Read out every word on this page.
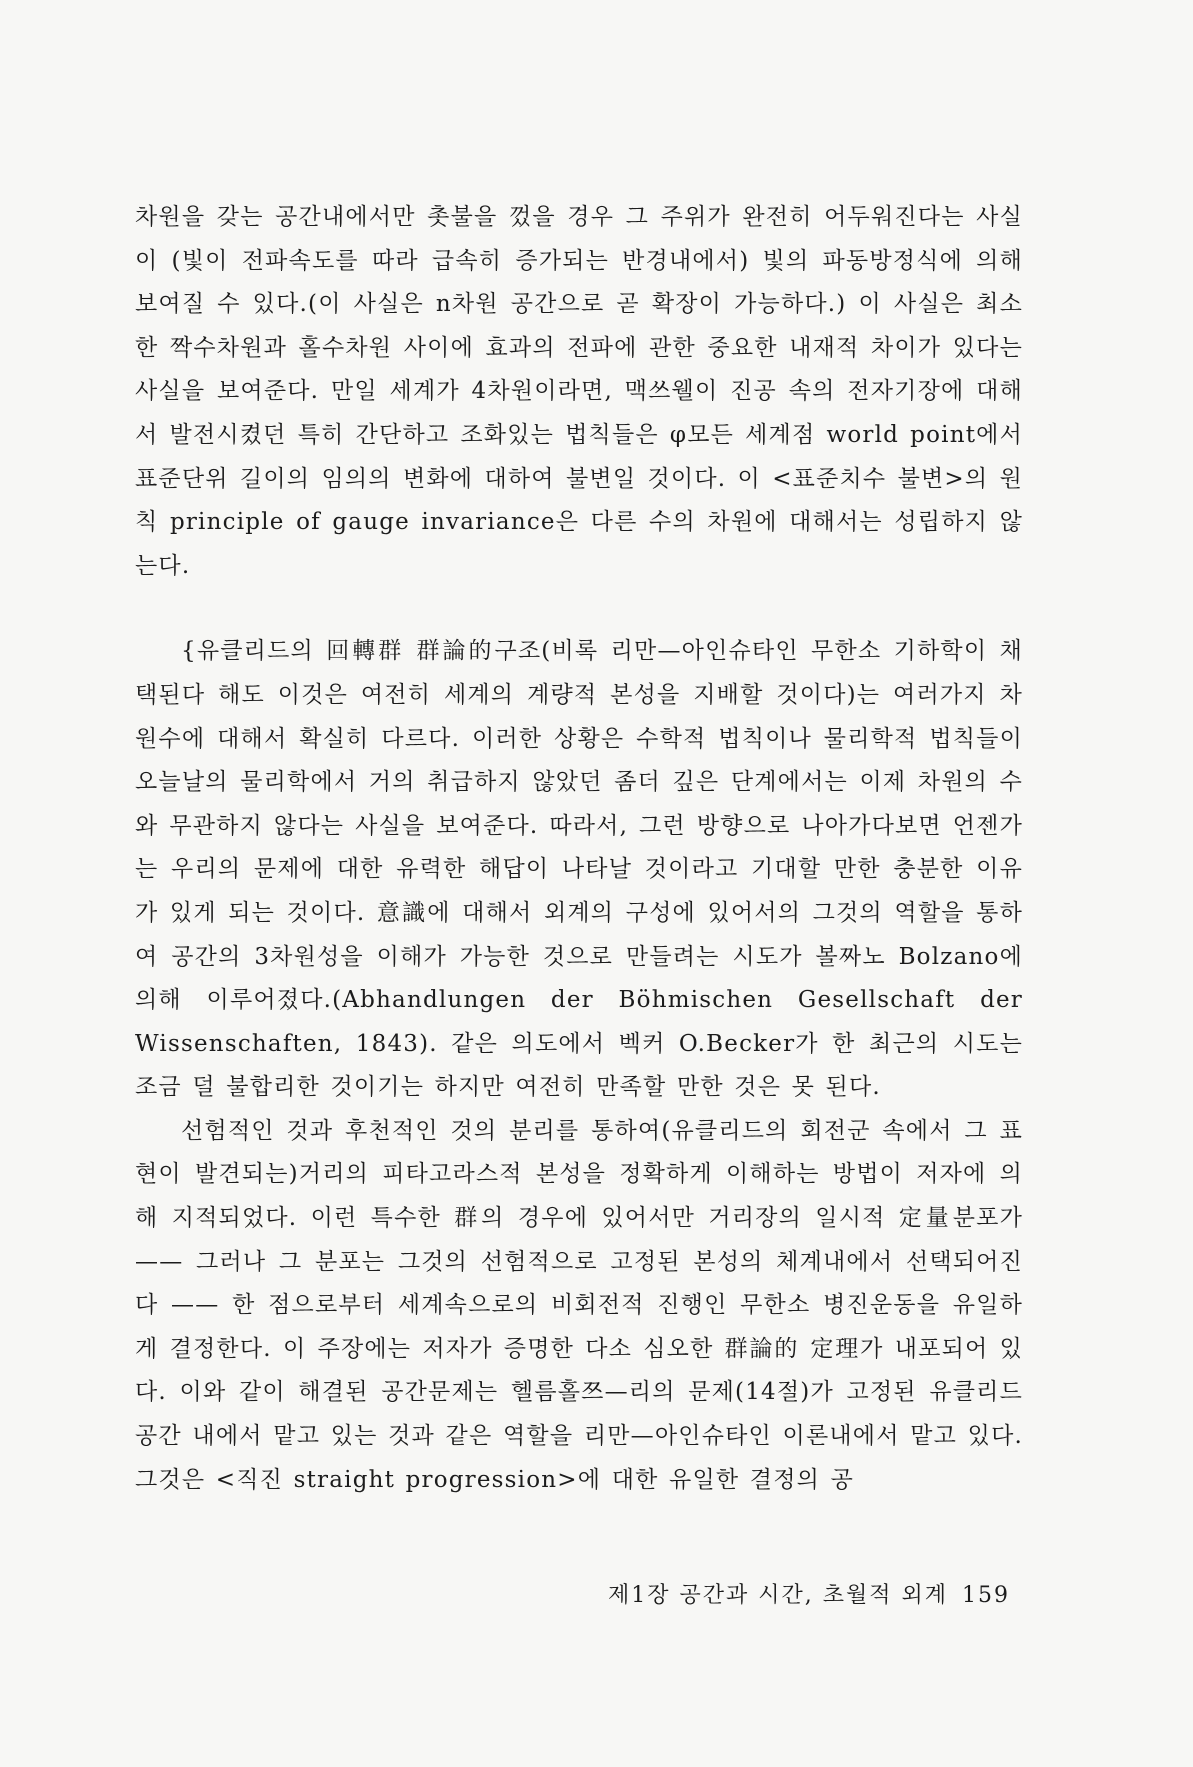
차원을 갖는 공간내에서만 촛불을 껐을 경우 그 주위가 완전히 어두워진다는 사실이 (빛이 전파속도를 따라 급속히 증가되는 반경내에서) 빛의 파동방정식에 의해 보여질 수 있다.(이 사실은 n차원 공간으로 곧 확장이 가능하다.) 이 사실은 최소한 짝수차원과 홀수차원 사이에 효과의 전파에 관한 중요한 내재적 차이가 있다는 사실을 보여준다. 만일 세계가 4차원이라면, 맥쓰웰이 진공 속의 전자기장에 대해서 발전시켰던 특히 간단하고 조화있는 법칙들은 φ모든 세계점 world point에서 표준단위 길이의 임의의 변화에 대하여 불변일 것이다. 이 <표준치수 불변>의 원칙 principle of gauge invariance은 다른 수의 차원에 대해서는 성립하지 않는다.

{유클리드의 回轉群 群論的구조(비록 리만—아인슈타인 무한소 기하학이 채택된다 해도 이것은 여전히 세계의 계량적 본성을 지배할 것이다)는 여러가지 차원수에 대해서 확실히 다르다. 이러한 상황은 수학적 법칙이나 물리학적 법칙들이 오늘날의 물리학에서 거의 취급하지 않았던 좀더 깊은 단계에서는 이제 차원의 수와 무관하지 않다는 사실을 보여준다. 따라서, 그런 방향으로 나아가다보면 언젠가는 우리의 문제에 대한 유력한 해답이 나타날 것이라고 기대할 만한 충분한 이유가 있게 되는 것이다. 意識에 대해서 외계의 구성에 있어서의 그것의 역할을 통하여 공간의 3차원성을 이해가 가능한 것으로 만들려는 시도가 볼짜노 Bolzano에 의해 이루어졌다.(Abhandlungen der Böhmischen Gesellschaft der Wissenschaften, 1843). 같은 의도에서 벡커 O.Becker가 한 최근의 시도는 조금 덜 불합리한 것이기는 하지만 여전히 만족할 만한 것은 못 된다.

선험적인 것과 후천적인 것의 분리를 통하여(유클리드의 회전군 속에서 그 표현이 발견되는)거리의 피타고라스적 본성을 정확하게 이해하는 방법이 저자에 의해 지적되었다. 이런 특수한 群의 경우에 있어서만 거리장의 일시적 定量분포가 —— 그러나 그 분포는 그것의 선험적으로 고정된 본성의 체계내에서 선택되어진다 —— 한 점으로부터 세계속으로의 비회전적 진행인 무한소 병진운동을 유일하게 결정한다. 이 주장에는 저자가 증명한 다소 심오한 群論的 定理가 내포되어 있다. 이와 같이 해결된 공간문제는 헬름홀쯔—리의 문제(14절)가 고정된 유클리드 공간 내에서 맡고 있는 것과 같은 역할을 리만—아인슈타인 이론내에서 맡고 있다. 그것은 <직진 straight progression>에 대한 유일한 결정의 공

제1장 공간과 시간, 초월적 외계 159
